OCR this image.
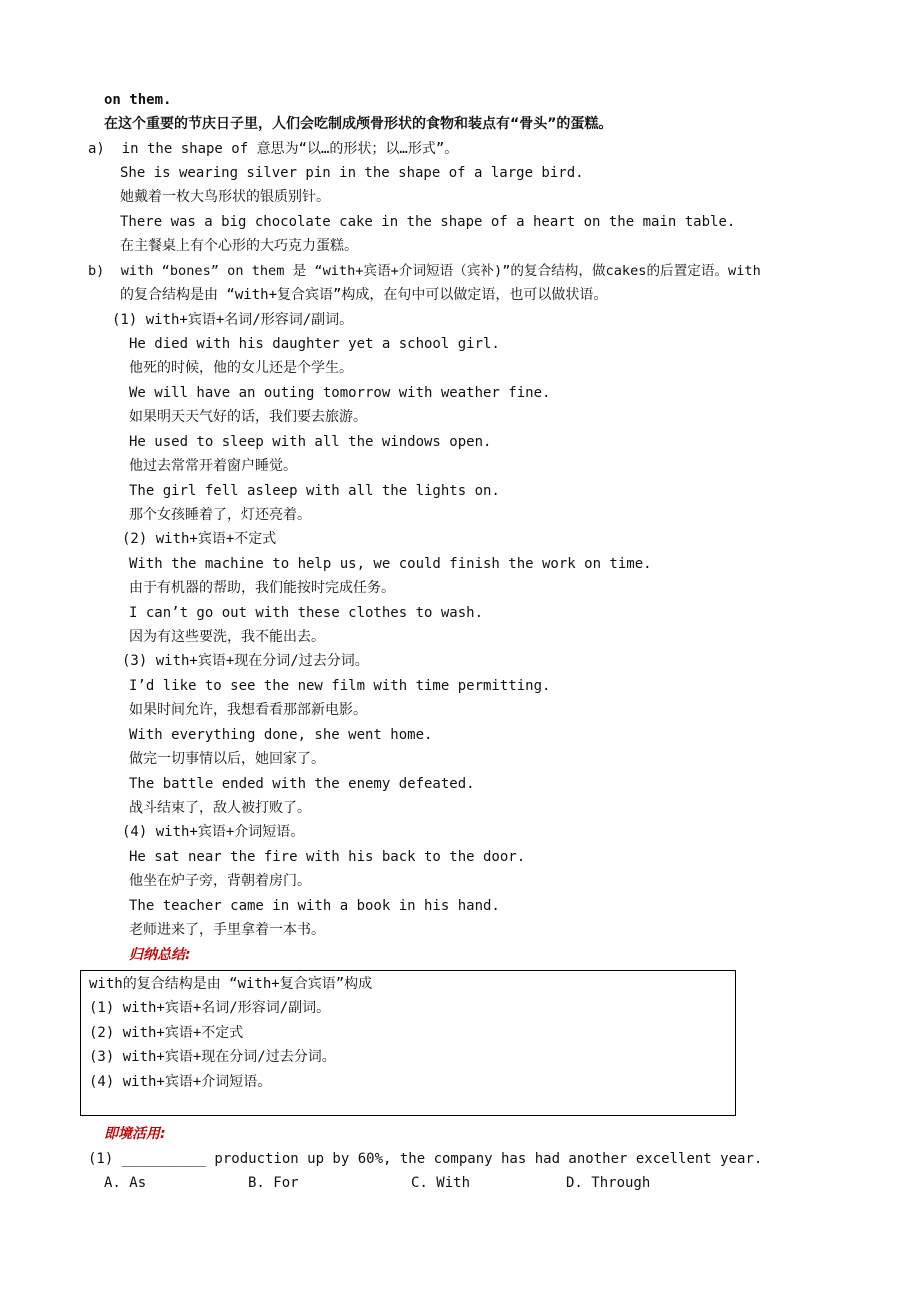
on them.
在这个重要的节庆日子里，人们会吃制成颅骨形状的食物和装点有“骨头”的蛋糕。
a)  in the shape of 意思为“以…的形状；以…形式”。
She is wearing silver pin in the shape of a large bird.
她戴着一枚大鸟形状的银质别针。
There was a big chocolate cake in the shape of a heart on the main table.
在主餐桌上有个心形的大巧克力蛋糕。
b)  with “bones” on them 是 “with+宾语+介词短语（宾补)”的复合结构，做cakes的后置定语。with
的复合结构是由 “with+复合宾语”构成，在句中可以做定语，也可以做状语。
(1) with+宾语+名词/形容词/副词。
He died with his daughter yet a school girl.
他死的时候，他的女儿还是个学生。
We will have an outing tomorrow with weather fine.
如果明天天气好的话，我们要去旅游。
He used to sleep with all the windows open.
他过去常常开着窗户睡觉。
The girl fell asleep with all the lights on.
那个女孩睡着了，灯还亮着。
(2) with+宾语+不定式
With the machine to help us, we could finish the work on time.
由于有机器的帮助，我们能按时完成任务。
I can’t go out with these clothes to wash.
因为有这些要洗，我不能出去。
(3) with+宾语+现在分词/过去分词。
I’d like to see the new film with time permitting.
如果时间允许，我想看看那部新电影。
With everything done, she went home.
做完一切事情以后，她回家了。
The battle ended with the enemy defeated.
战斗结束了，敌人被打败了。
(4) with+宾语+介词短语。
He sat near the fire with his back to the door.
他坐在炉子旁，背朝着房门。
The teacher came in with a book in his hand.
老师进来了，手里拿着一本书。
归纳总结:
with的复合结构是由 “with+复合宾语”构成
(1) with+宾语+名词/形容词/副词。
(2) with+宾语+不定式
(3) with+宾语+现在分词/过去分词。
(4) with+宾语+介词短语。
即境活用:
(1) __________ production up by 60%, the company has had another excellent year.
A. As	B. For	C. With	D. Through
